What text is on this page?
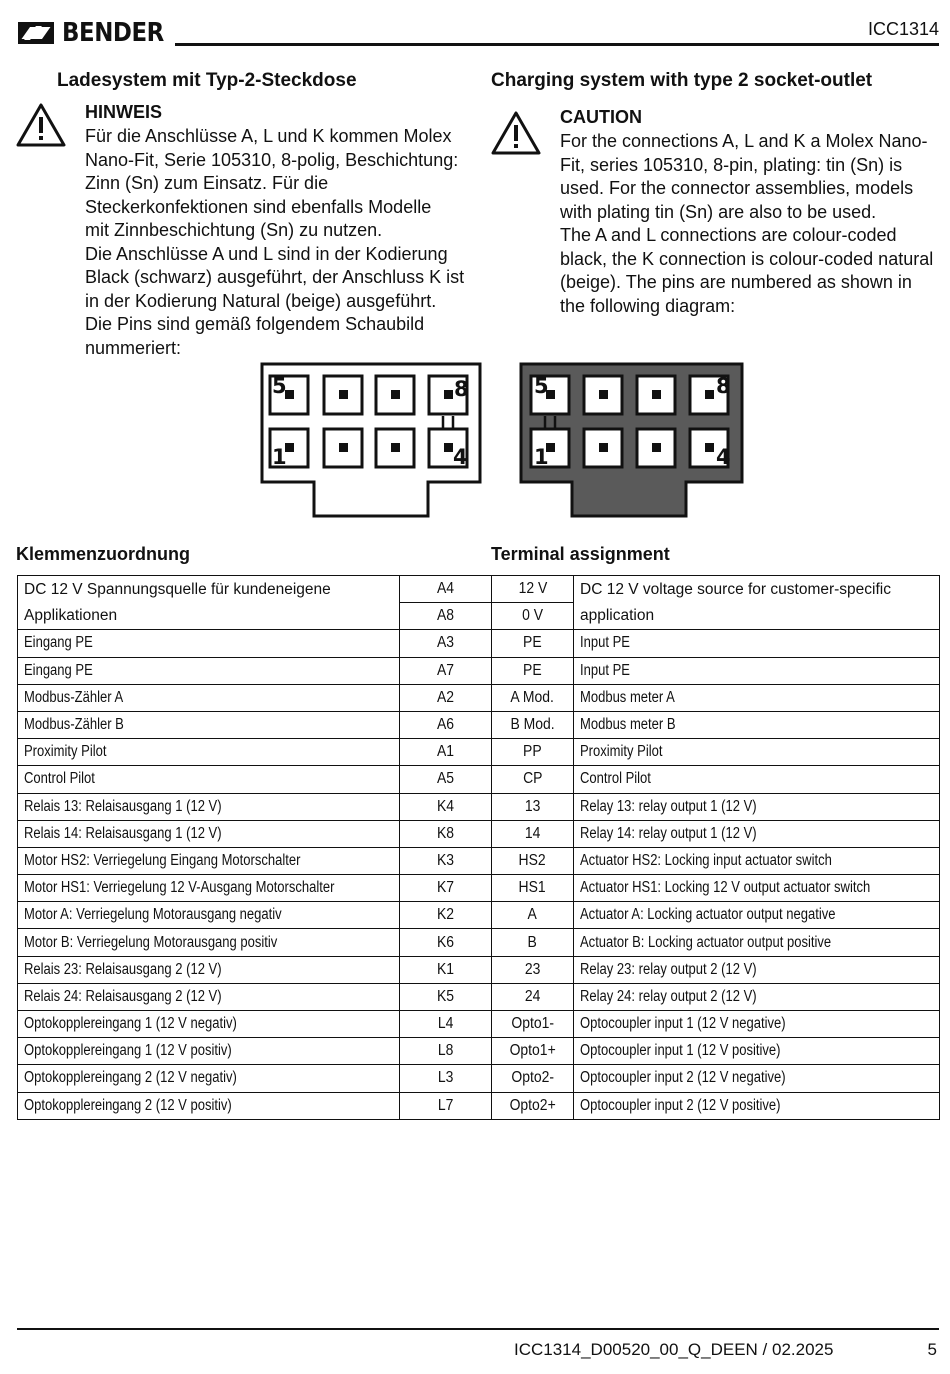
BENDER	ICC1314
Ladesystem mit Typ-2-Steckdose	Charging system with type 2 socket-outlet
HINWEIS
Für die Anschlüsse A, L und K kommen Molex
Nano-Fit, Serie 105310, 8-polig, Beschichtung:
Zinn (Sn) zum Einsatz. Für die
Steckerkonfektionen sind ebenfalls Modelle
mit Zinnbeschichtung (Sn) zu nutzen.
Die Anschlüsse A und L sind in der Kodierung
Black (schwarz) ausgeführt, der Anschluss K ist
in der Kodierung Natural (beige) ausgeführt.
Die Pins sind gemäß folgendem Schaubild
nummeriert:
CAUTION
For the connections A, L and K a Molex Nano-
Fit, series 105310, 8-pin, plating: tin (Sn) is
used. For the connector assemblies, models
with plating tin (Sn) are also to be used.
The A and L connections are colour-coded
black, the K connection is colour-coded natural
(beige). The pins are numbered as shown in
the following diagram:
5	8
1	4
5	8
1	4
Klemmenzuordnung	Terminal assignment
DC 12 V Spannungsquelle für kundeneigene Applikationen	A4	12 V	DC 12 V voltage source for customer-specific application
	A8	0 V	
Eingang PE	A3	PE	Input PE
Eingang PE	A7	PE	Input PE
Modbus-Zähler A	A2	A Mod.	Modbus meter A
Modbus-Zähler B	A6	B Mod.	Modbus meter B
Proximity Pilot	A1	PP	Proximity Pilot
Control Pilot	A5	CP	Control Pilot
Relais 13: Relaisausgang 1 (12 V)	K4	13	Relay 13: relay output 1 (12 V)
Relais 14: Relaisausgang 1 (12 V)	K8	14	Relay 14: relay output 1 (12 V)
Motor HS2: Verriegelung Eingang Motorschalter	K3	HS2	Actuator HS2: Locking input actuator switch
Motor HS1: Verriegelung 12 V-Ausgang Motorschalter	K7	HS1	Actuator HS1: Locking 12 V output actuator switch
Motor A: Verriegelung Motorausgang negativ	K2	A	Actuator A: Locking actuator output negative
Motor B: Verriegelung Motorausgang positiv	K6	B	Actuator B: Locking actuator output positive
Relais 23: Relaisausgang 2 (12 V)	K1	23	Relay 23: relay output 2 (12 V)
Relais 24: Relaisausgang 2 (12 V)	K5	24	Relay 24: relay output 2 (12 V)
Optokopplereingang 1 (12 V negativ)	L4	Opto1-	Optocoupler input 1 (12 V negative)
Optokopplereingang 1 (12 V positiv)	L8	Opto1+	Optocoupler input 1 (12 V positive)
Optokopplereingang 2 (12 V negativ)	L3	Opto2-	Optocoupler input 2 (12 V negative)
Optokopplereingang 2 (12 V positiv)	L7	Opto2+	Optocoupler input 2 (12 V positive)
ICC1314_D00520_00_Q_DEEN / 02.2025	5
